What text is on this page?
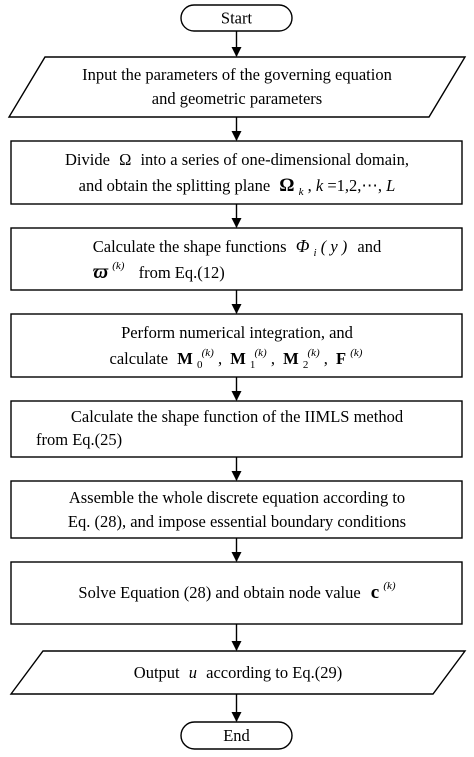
Start
Input the parameters of the governing equation
and geometric parameters
Divide Ω into a series of one-dimensional domain,
and obtain the splitting plane Ω $_k$ , k =1,2,⋯, L
Calculate the shape functions Φ $_i$ ( y ) and
ϖ $^{(k)}$ from Eq.(12)
Perform numerical integration, and
calculate M $_0$ (k) , M $_1$ (k) , M $_2$ (k) , F $^{(k)}$
Calculate the shape function of the IIMLS method
from Eq.(25)
Assemble the whole discrete equation according to
Eq. (28), and impose essential boundary conditions
Solve Equation (28) and obtain node value c $^{(k)}$
Output u according to Eq.(29)
End
